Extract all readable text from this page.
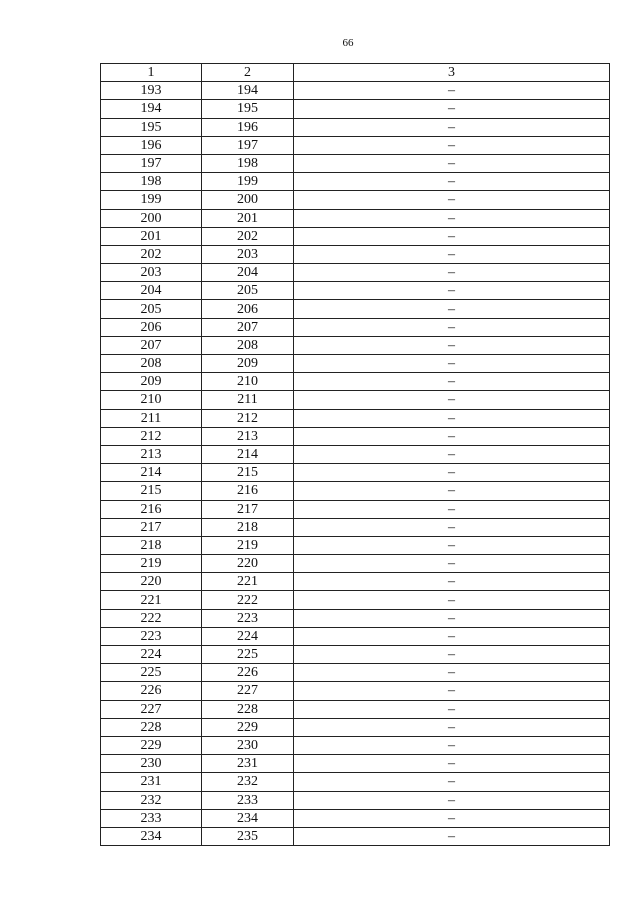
66
1	2	3
193	194	–
194	195	–
195	196	–
196	197	–
197	198	–
198	199	–
199	200	–
200	201	–
201	202	–
202	203	–
203	204	–
204	205	–
205	206	–
206	207	–
207	208	–
208	209	–
209	210	–
210	211	–
211	212	–
212	213	–
213	214	–
214	215	–
215	216	–
216	217	–
217	218	–
218	219	–
219	220	–
220	221	–
221	222	–
222	223	–
223	224	–
224	225	–
225	226	–
226	227	–
227	228	–
228	229	–
229	230	–
230	231	–
231	232	–
232	233	–
233	234	–
234	235	–
